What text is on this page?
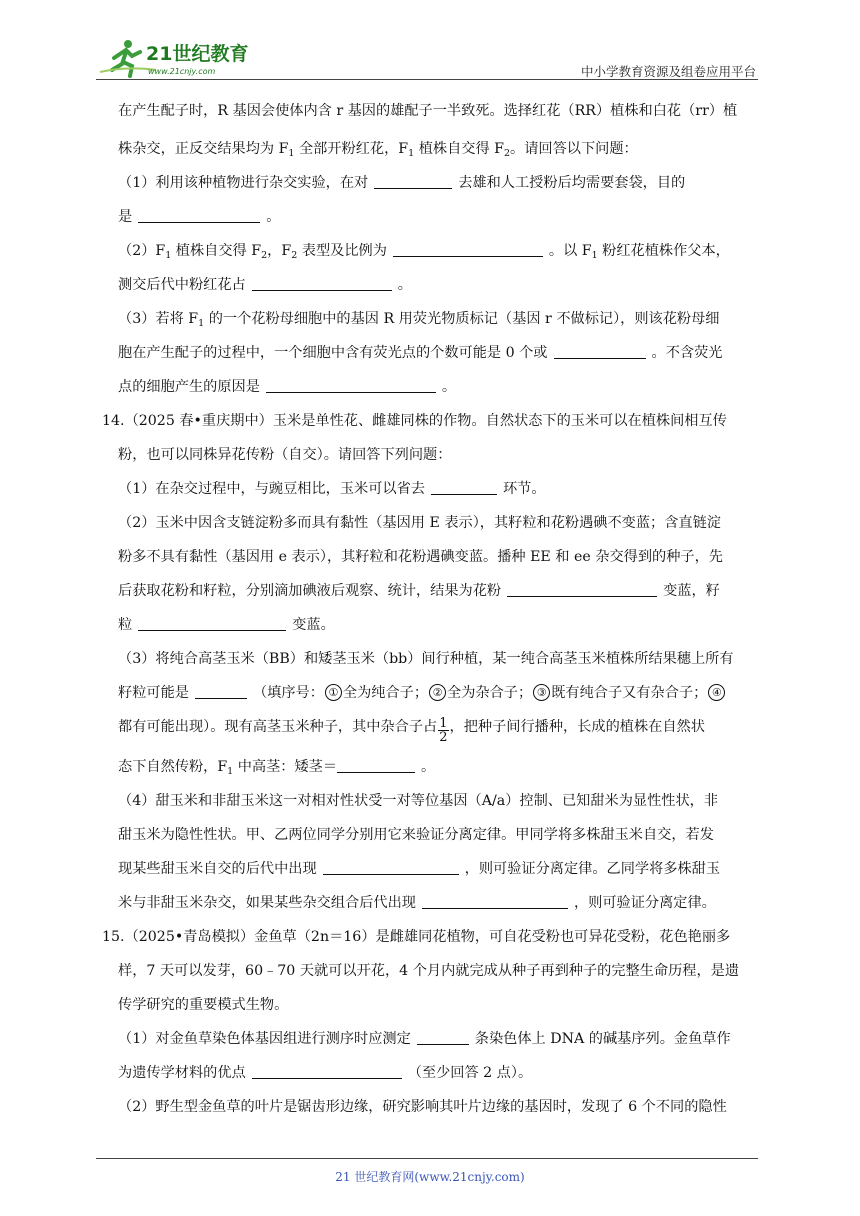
21世纪教育
www.21cnjy.com	中小学教育资源及组卷应用平台
在产生配子时，R 基因会使体内含 r 基因的雄配子一半致死。选择红花（RR）植株和白花（rr）植
株杂交，正反交结果均为 $F_1$ 全部开粉红花，$F_1$ 植株自交得 $F_2$。请回答以下问题：
（1）利用该种植物进行杂交实验，在对	去雄和人工授粉后均需要套袋，目的
是	。
$(2)F_1$ 植株自交得 $F_2$，$F_2$ 表型及比例为	。以 $F_1$ 粉红花植株作父本，
测交后代中粉红花占	。
（3）若将 $F_1$ 的一个花粉母细胞中的基因 R 用荧光物质标记（基因 r 不做标记），则该花粉母细
胞在产生配子的过程中，一个细胞中含有荧光点的个数可能是 0 个或	。不含荧光
点的细胞产生的原因是	。
14.（2025 春•重庆期中）玉米是单性花、雌雄同株的作物。自然状态下的玉米可以在植株间相互传
粉，也可以同株异花传粉（自交）。请回答下列问题：
（1）在杂交过程中，与豌豆相比，玉米可以省去	环节。
（2）玉米中因含支链淀粉多而具有黏性（基因用 E 表示），其籽粒和花粉遇碘不变蓝；含直链淀
粉多不具有黏性（基因用 e 表示），其籽粒和花粉遇碘变蓝。播种 EE 和 ee 杂交得到的种子，先
后获取花粉和籽粒，分别滴加碘液后观察、统计，结果为花粉	变蓝，籽
粒	变蓝。
（3）将纯合高茎玉米（BB）和矮茎玉米（bb）间行种植，某一纯合高茎玉米植株所结果穗上所有
籽粒可能是	（填序号： ① 全为纯合子； ② 全为杂合子； ③ 既有纯合子又有杂合子； ④
都有可能出现）。现有高茎玉米种子，其中杂合子占 $\frac{1}{2}$ ，把种子间行播种，长成的植株在自然状
态下自然传粉，$F_1$ 中高茎：矮茎＝	。
（4）甜玉米和非甜玉米这一对相对性状受一对等位基因（A/a）控制、已知甜米为显性性状，非
甜玉米为隐性性状。甲、乙两位同学分别用它来验证分离定律。甲同学将多株甜玉米自交，若发
现某些甜玉米自交的后代中出现	，则可验证分离定律。乙同学将多株甜玉
米与非甜玉米杂交，如果某些杂交组合后代出现	，则可验证分离定律。
15.（2025•青岛模拟）金鱼草（2n＝16）是雌雄同花植物，可自花受粉也可异花受粉，花色艳丽多
样，7 天可以发芽，60﹣70 天就可以开花，4 个月内就完成从种子再到种子的完整生命历程，是遗
传学研究的重要模式生物。
（1）对金鱼草染色体基因组进行测序时应测定	条染色体上 DNA 的碱基序列。金鱼草作
为遗传学材料的优点	（至少回答 2 点）。
（2）野生型金鱼草的叶片是锯齿形边缘，研究影响其叶片边缘的基因时，发现了 6 个不同的隐性
21 世纪教育网(www.21cnjy.com)
